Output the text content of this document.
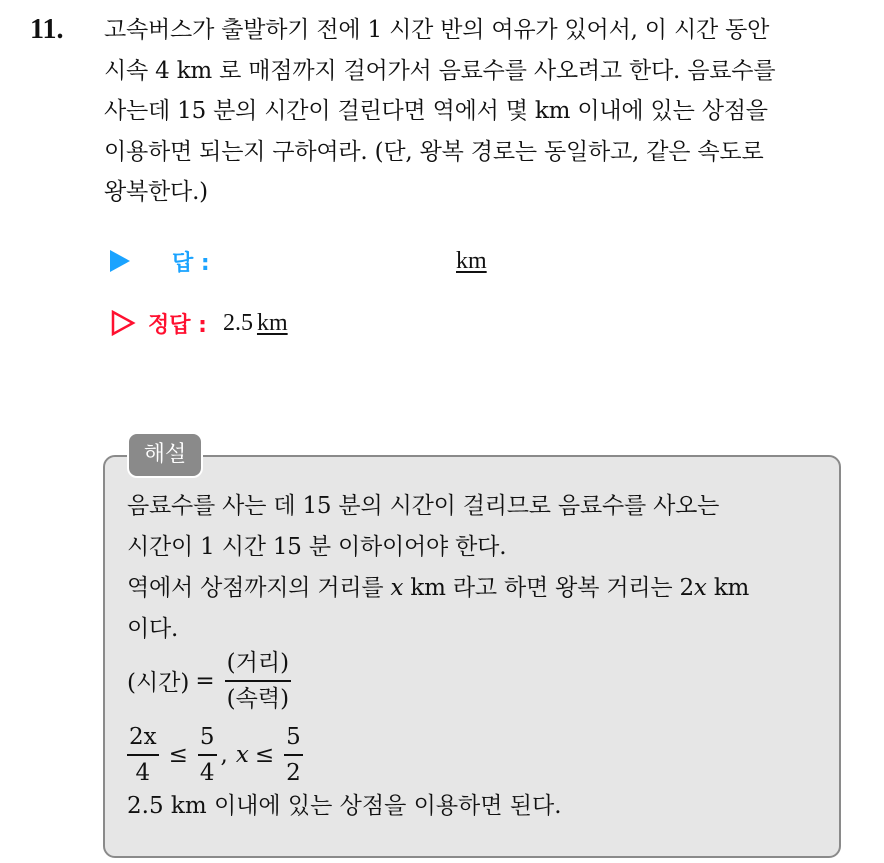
11. 고속버스가 출발하기 전에 1 시간 반의 여유가 있어서, 이 시간 동안
시속 4 km 로 매점까지 걸어가서 음료수를 사오려고 한다. 음료수를
사는데 15 분의 시간이 걸린다면 역에서 몇 km 이내에 있는 상점을
이용하면 되는지 구하여라. (단, 왕복 경로는 동일하고, 같은 속도로
왕복한다.)
답 :	km
정답 : 2.5 km
해설
음료수를 사는 데 15 분의 시간이 걸리므로 음료수를 사오는
시간이 1 시간 15 분 이하이어야 한다.
역에서 상점까지의 거리를 x km 라고 하면 왕복 거리는 2x km
이다.
(시간) = $\frac{\text{(거리)}}{\text{(속력)}}$
$\frac{2x}{4} \le \frac{5}{4}$ , $x \le \frac{5}{2}$
2.5 km 이내에 있는 상점을 이용하면 된다.
